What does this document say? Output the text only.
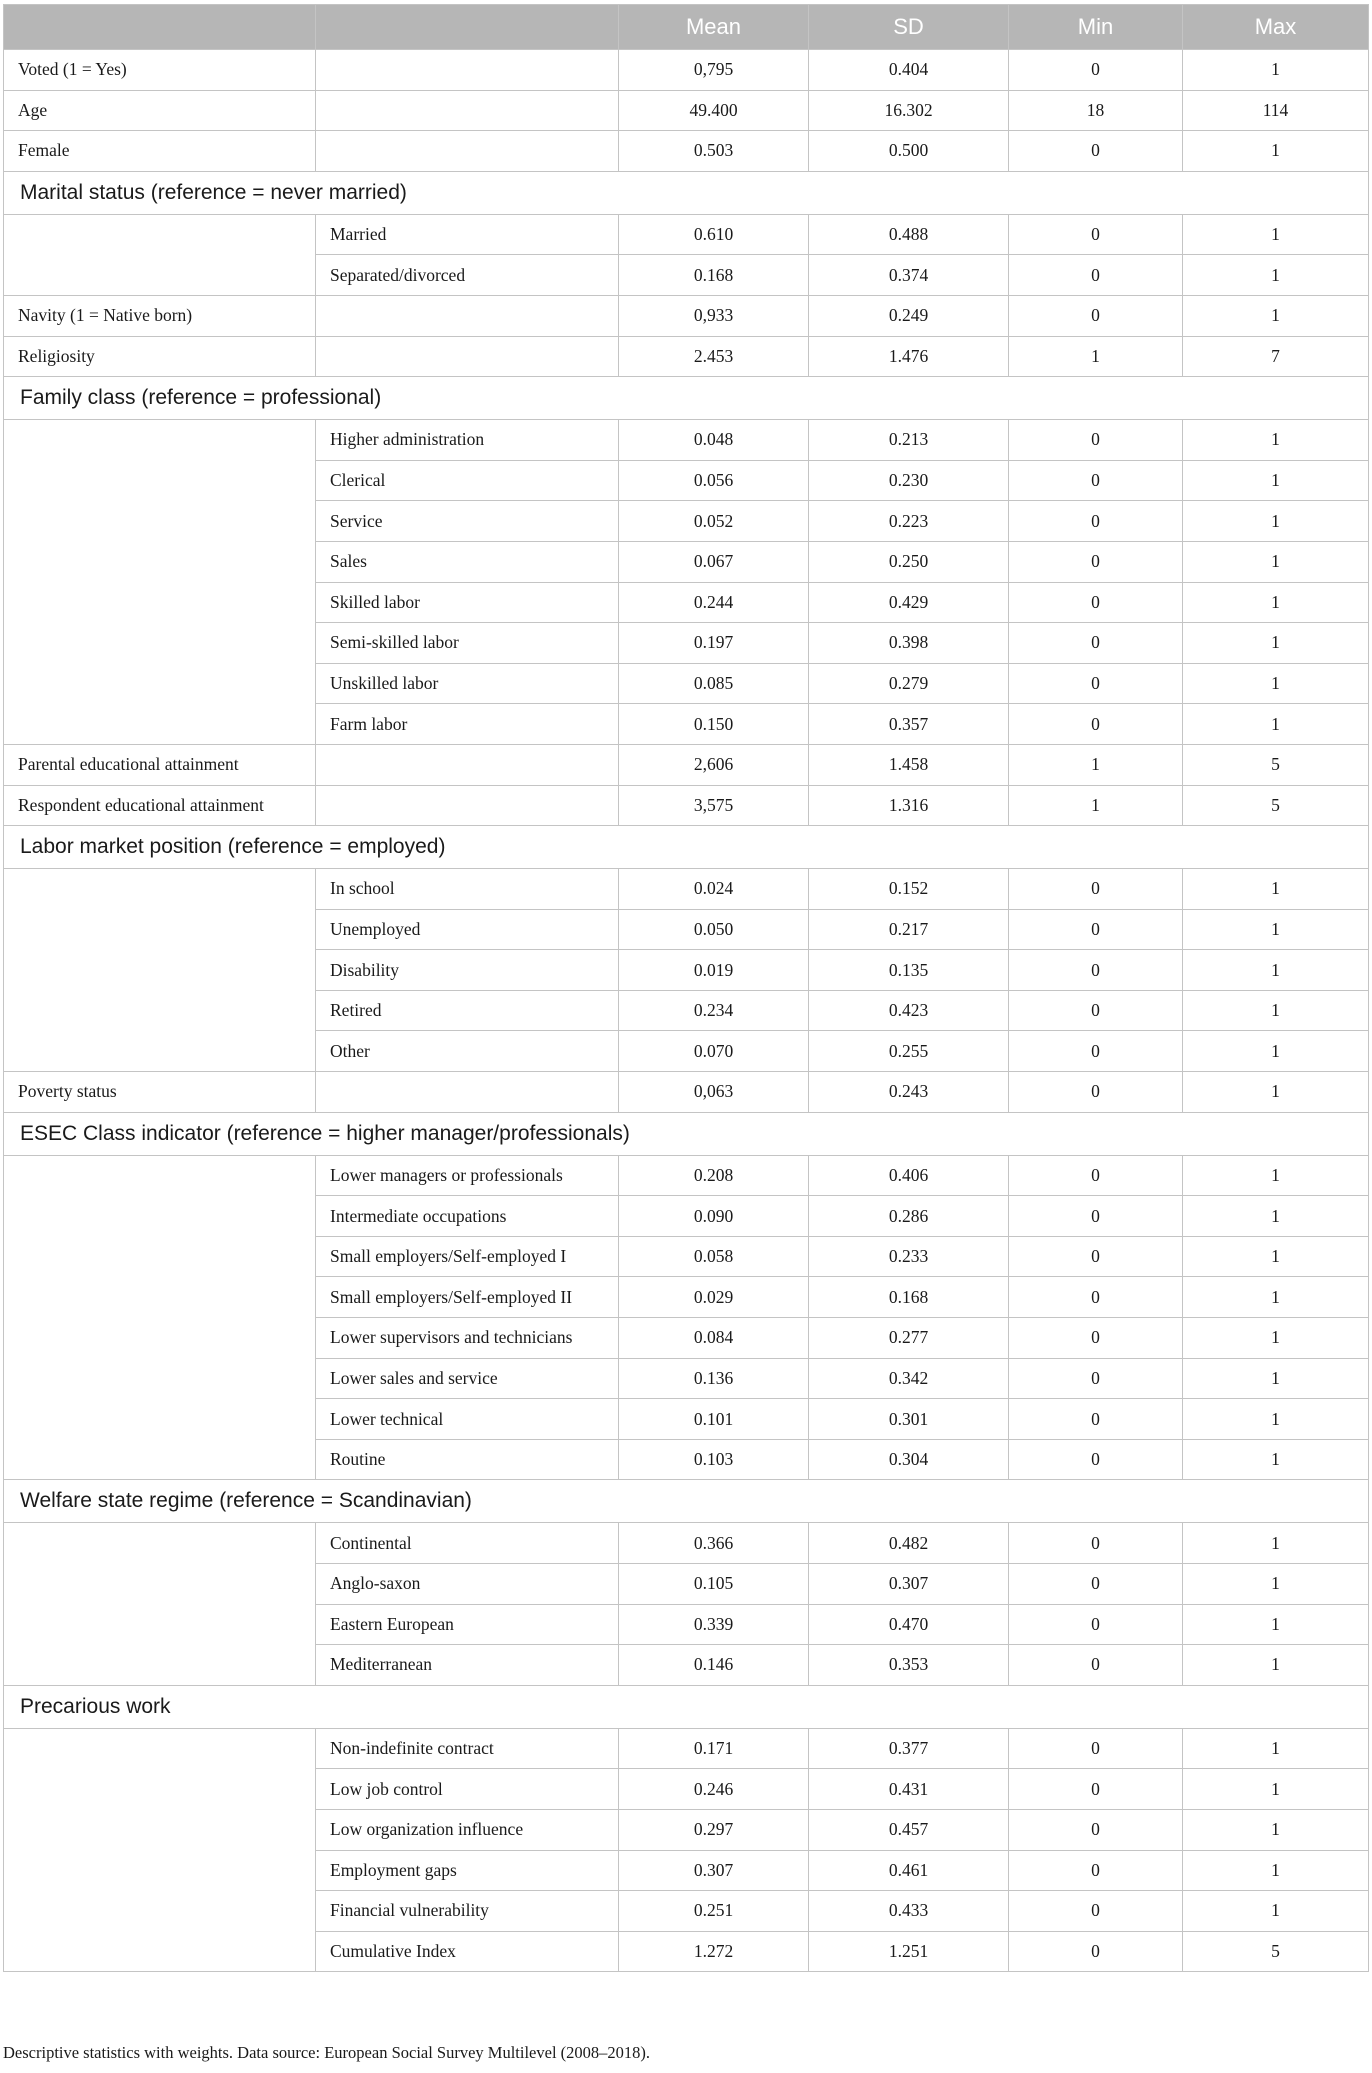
		Mean	SD	Min	Max
Voted (1 = Yes)		0,795	0.404	0	1
Age		49.400	16.302	18	114
Female		0.503	0.500	0	1
Marital status (reference = never married)					
	Married	0.610	0.488	0	1
	Separated/divorced	0.168	0.374	0	1
Navity (1 = Native born)		0,933	0.249	0	1
Religiosity		2.453	1.476	1	7
Family class (reference = professional)					
	Higher administration	0.048	0.213	0	1
	Clerical	0.056	0.230	0	1
	Service	0.052	0.223	0	1
	Sales	0.067	0.250	0	1
	Skilled labor	0.244	0.429	0	1
	Semi-skilled labor	0.197	0.398	0	1
	Unskilled labor	0.085	0.279	0	1
	Farm labor	0.150	0.357	0	1
Parental educational attainment		2,606	1.458	1	5
Respondent educational attainment		3,575	1.316	1	5
Labor market position (reference = employed)					
	In school	0.024	0.152	0	1
	Unemployed	0.050	0.217	0	1
	Disability	0.019	0.135	0	1
	Retired	0.234	0.423	0	1
	Other	0.070	0.255	0	1
Poverty status		0,063	0.243	0	1
ESEC Class indicator (reference = higher manager/professionals)					
	Lower managers or professionals	0.208	0.406	0	1
	Intermediate occupations	0.090	0.286	0	1
	Small employers/Self-employed I	0.058	0.233	0	1
	Small employers/Self-employed II	0.029	0.168	0	1
	Lower supervisors and technicians	0.084	0.277	0	1
	Lower sales and service	0.136	0.342	0	1
	Lower technical	0.101	0.301	0	1
	Routine	0.103	0.304	0	1
Welfare state regime (reference = Scandinavian)					
	Continental	0.366	0.482	0	1
	Anglo-saxon	0.105	0.307	0	1
	Eastern European	0.339	0.470	0	1
	Mediterranean	0.146	0.353	0	1
Precarious work					
	Non-indefinite contract	0.171	0.377	0	1
	Low job control	0.246	0.431	0	1
	Low organization influence	0.297	0.457	0	1
	Employment gaps	0.307	0.461	0	1
	Financial vulnerability	0.251	0.433	0	1
	Cumulative Index	1.272	1.251	0	5
Descriptive statistics with weights. Data source: European Social Survey Multilevel (2008–2018).
